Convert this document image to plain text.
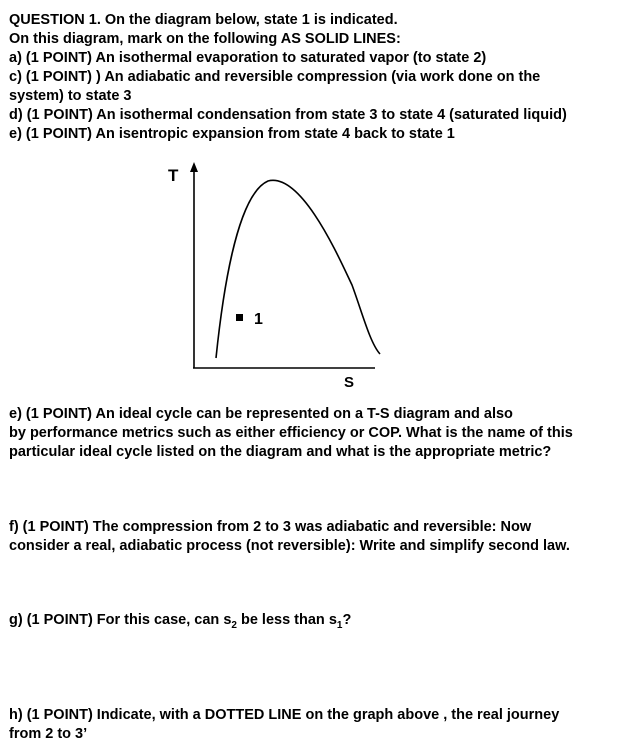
QUESTION 1. On the diagram below, state 1 is indicated.
On this diagram, mark on the following AS SOLID LINES:
a) (1 POINT) An isothermal evaporation to saturated vapor (to state 2)
c) (1 POINT) ) An adiabatic and reversible compression (via work done on the
system) to state 3
d) (1 POINT) An isothermal condensation from state 3 to state 4 (saturated liquid)
e) (1 POINT) An isentropic expansion from state 4 back to state 1
T
S
1
e) (1 POINT) An ideal cycle can be represented on a T-S diagram and also
by performance metrics such as either efficiency or COP. What is the name of this
particular ideal cycle listed on the diagram and what is the appropriate metric?
f) (1 POINT) The compression from 2 to 3 was adiabatic and reversible: Now
consider a real, adiabatic process (not reversible): Write and simplify second law.
g) (1 POINT) For this case, can $s_2$ be less than $s_1$?
h) (1 POINT) Indicate, with a DOTTED LINE on the graph above , the real journey
from 2 to 3’
